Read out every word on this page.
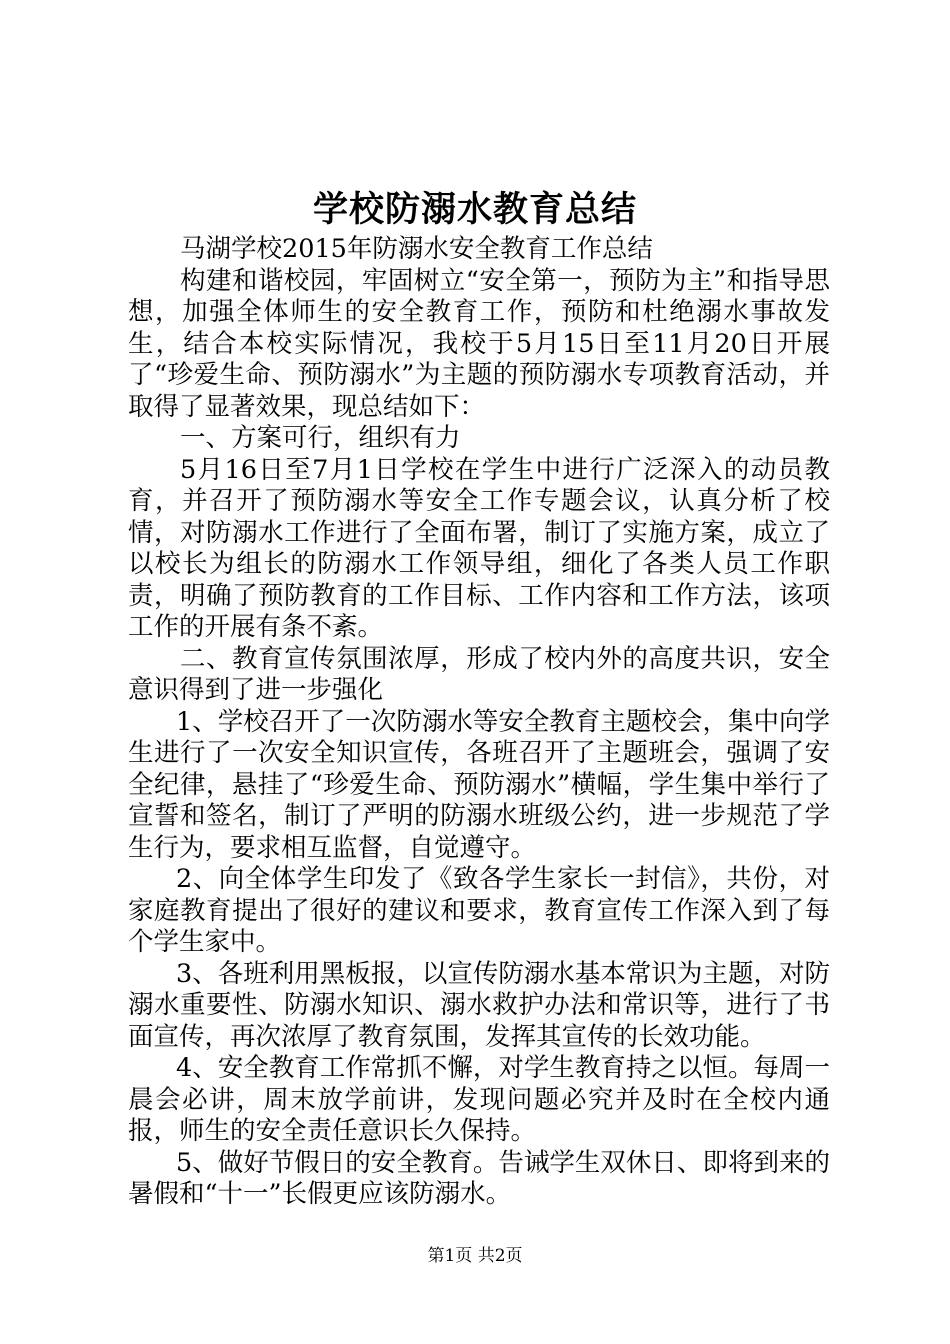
学校防溺水教育总结

马湖学校2015年防溺水安全教育工作总结

构建和谐校园，牢固树立“安全第一，预防为主”和指导思想，加强全体师生的安全教育工作，预防和杜绝溺水事故发生，结合本校实际情况，我校于5月15日至11月20日开展了“珍爱生命、预防溺水”为主题的预防溺水专项教育活动，并取得了显著效果，现总结如下：

一、方案可行，组织有力

5月16日至7月1日学校在学生中进行广泛深入的动员教育，并召开了预防溺水等安全工作专题会议，认真分析了校情，对防溺水工作进行了全面布署，制订了实施方案，成立了以校长为组长的防溺水工作领导组，细化了各类人员工作职责，明确了预防教育的工作目标、工作内容和工作方法，该项工作的开展有条不紊。

二、教育宣传氛围浓厚，形成了校内外的高度共识，安全意识得到了进一步强化

1、学校召开了一次防溺水等安全教育主题校会，集中向学生进行了一次安全知识宣传，各班召开了主题班会，强调了安全纪律，悬挂了“珍爱生命、预防溺水”横幅，学生集中举行了宣誓和签名，制订了严明的防溺水班级公约，进一步规范了学生行为，要求相互监督，自觉遵守。

2、向全体学生印发了《致各学生家长一封信》，共份，对家庭教育提出了很好的建议和要求，教育宣传工作深入到了每个学生家中。

3、各班利用黑板报，以宣传防溺水基本常识为主题，对防溺水重要性、防溺水知识、溺水救护办法和常识等，进行了书面宣传，再次浓厚了教育氛围，发挥其宣传的长效功能。

4、安全教育工作常抓不懈，对学生教育持之以恒。每周一晨会必讲，周末放学前讲，发现问题必究并及时在全校内通报，师生的安全责任意识长久保持。

5、做好节假日的安全教育。告诫学生双休日、即将到来的暑假和“十一”长假更应该防溺水。

第1页 共2页
